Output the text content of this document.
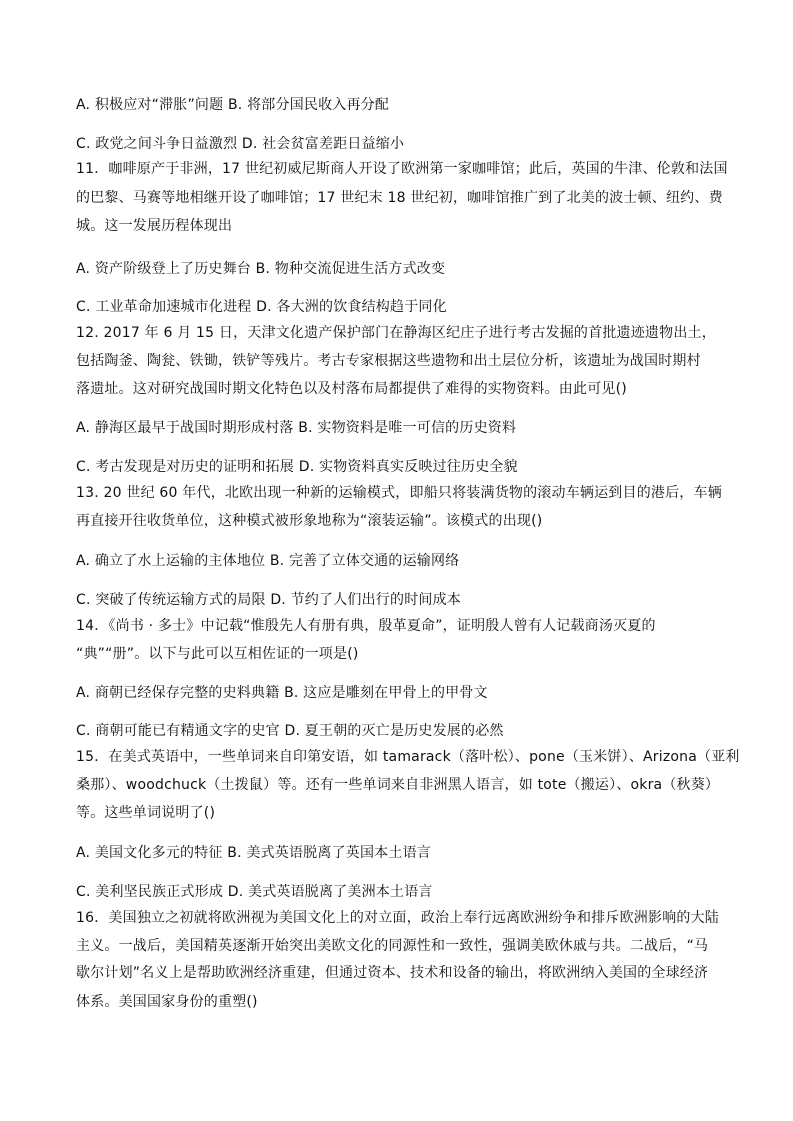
A. 积极应对“滞胀”问题 B. 将部分国民收入再分配
C. 政党之间斗争日益激烈 D. 社会贫富差距日益缩小
11．咖啡原产于非洲，17 世纪初威尼斯商人开设了欧洲第一家咖啡馆；此后，英国的牛津、伦敦和法国
的巴黎、马赛等地相继开设了咖啡馆；17 世纪末 18 世纪初，咖啡馆推广到了北美的波士顿、纽约、费
城。这一发展历程体现出
A. 资产阶级登上了历史舞台 B. 物种交流促进生活方式改变
C. 工业革命加速城市化进程 D. 各大洲的饮食结构趋于同化
12. 2017 年 6 月 15 日，天津文化遗产保护部门在静海区纪庄子进行考古发掘的首批遗迹遗物出土，
包括陶釜、陶瓮、铁锄，铁铲等残片。考古专家根据这些遗物和出土层位分析，该遗址为战国时期村
落遗址。这对研究战国时期文化特色以及村落布局都提供了难得的实物资料。由此可见()
A. 静海区最早于战国时期形成村落 B. 实物资料是唯一可信的历史资料
C. 考古发现是对历史的证明和拓展 D. 实物资料真实反映过往历史全貌
13. 20 世纪 60 年代，北欧出现一种新的运输模式，即船只将装满货物的滚动车辆运到目的港后，车辆
再直接开往收货单位，这种模式被形象地称为“滚装运输”。该模式的出现()
A. 确立了水上运输的主体地位 B. 完善了立体交通的运输网络
C. 突破了传统运输方式的局限 D. 节约了人们出行的时间成本
14．《尚书 · 多士》中记载“惟殷先人有册有典，殷革夏命”，证明殷人曾有人记载商汤灭夏的
“典”“册”。以下与此可以互相佐证的一项是()
A. 商朝已经保存完整的史料典籍 B. 这应是雕刻在甲骨上的甲骨文
C. 商朝可能已有精通文字的史官 D. 夏王朝的灭亡是历史发展的必然
15．在美式英语中，一些单词来自印第安语，如 tamarack（落叶松）、pone（玉米饼）、Arizona（亚利
桑那）、woodchuck（土拨鼠）等。还有一些单词来自非洲黑人语言，如 tote（搬运）、okra（秋葵）
等。这些单词说明了()
A. 美国文化多元的特征 B. 美式英语脱离了英国本土语言
C. 美利坚民族正式形成 D. 美式英语脱离了美洲本土语言
16．美国独立之初就将欧洲视为美国文化上的对立面，政治上奉行远离欧洲纷争和排斥欧洲影响的大陆
主义。一战后，美国精英逐渐开始突出美欧文化的同源性和一致性，强调美欧休戚与共。二战后，“马
歇尔计划”名义上是帮助欧洲经济重建，但通过资本、技术和设备的输出，将欧洲纳入美国的全球经济
体系。美国国家身份的重塑()
